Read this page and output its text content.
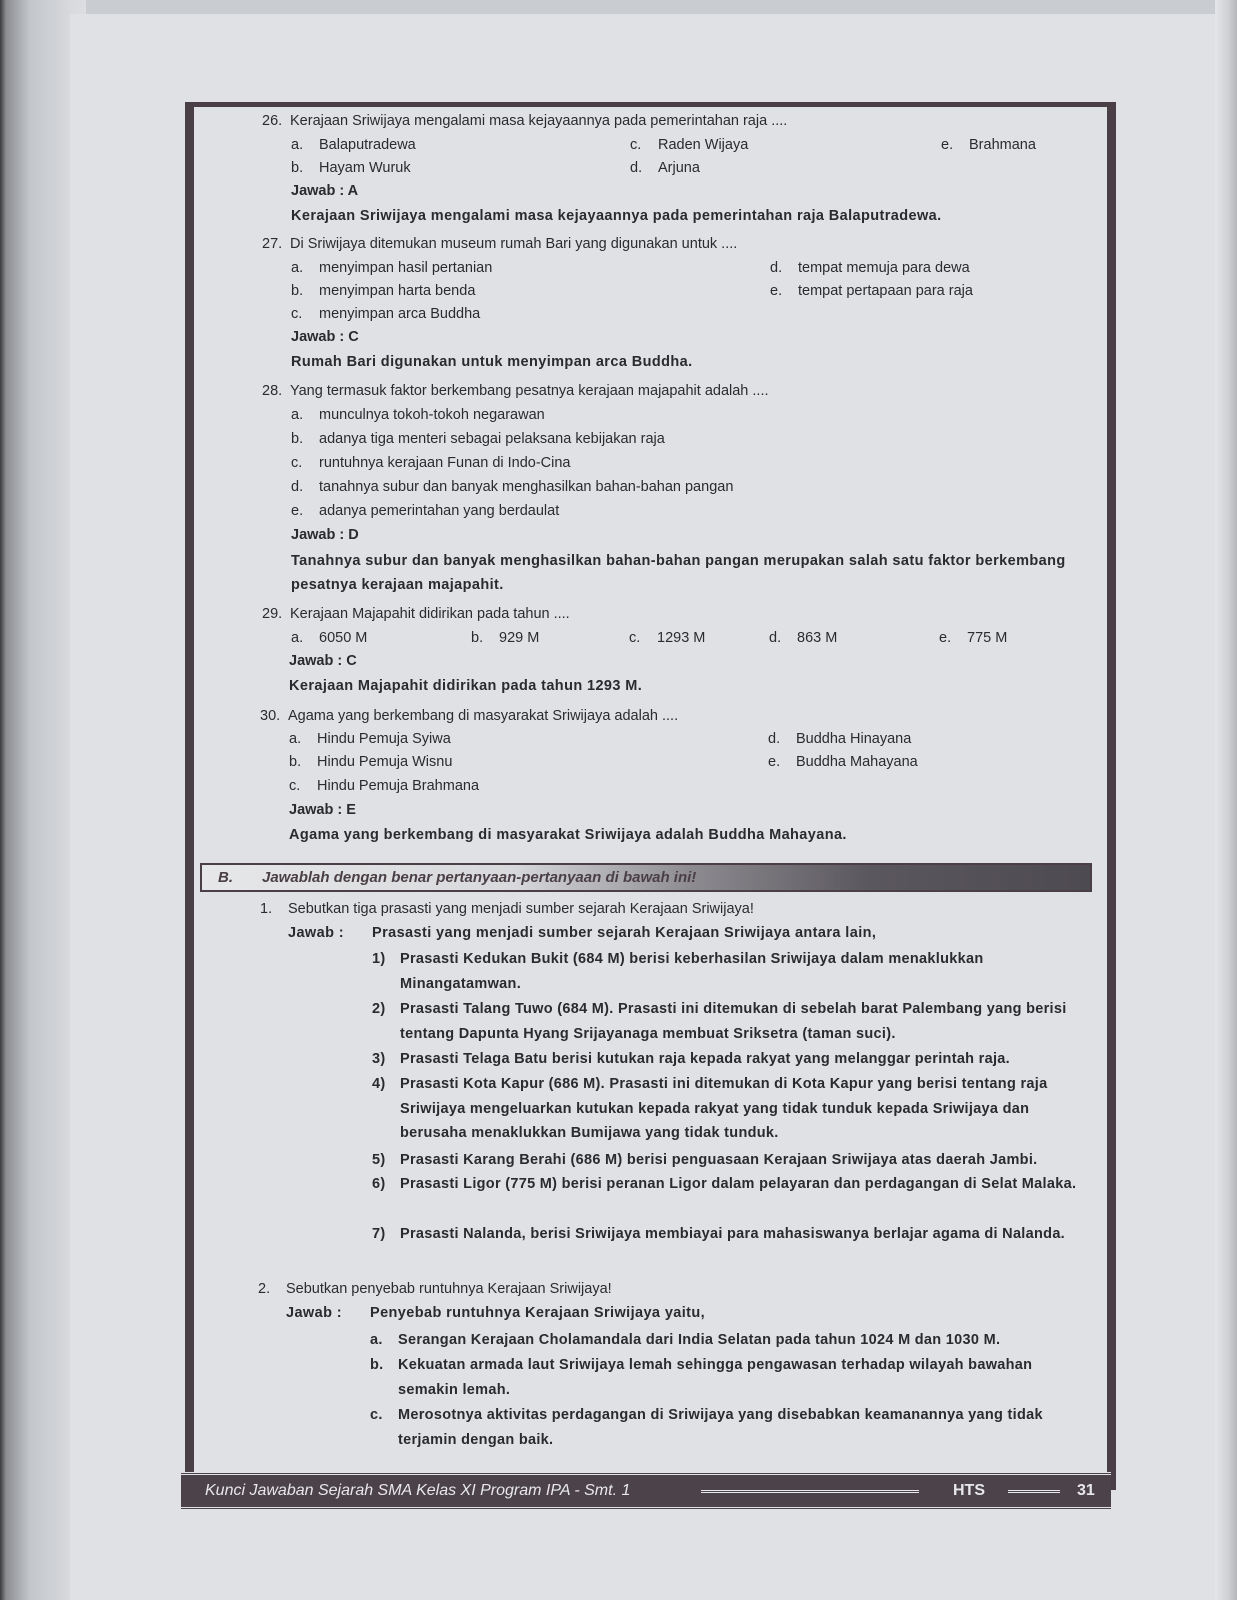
26. Kerajaan Sriwijaya mengalami masa kejayaannya pada pemerintahan raja ....
a. Balaputradewa	c. Raden Wijaya	e. Brahmana
b. Hayam Wuruk	d. Arjuna
Jawab : A
Kerajaan Sriwijaya mengalami masa kejayaannya pada pemerintahan raja Balaputradewa.
27. Di Sriwijaya ditemukan museum rumah Bari yang digunakan untuk ....
a. menyimpan hasil pertanian	d. tempat memuja para dewa
b. menyimpan harta benda	e. tempat pertapaan para raja
c. menyimpan arca Buddha
Jawab : C
Rumah Bari digunakan untuk menyimpan arca Buddha.
28. Yang termasuk faktor berkembang pesatnya kerajaan majapahit adalah ....
a. munculnya tokoh-tokoh negarawan
b. adanya tiga menteri sebagai pelaksana kebijakan raja
c. runtuhnya kerajaan Funan di Indo-Cina
d. tanahnya subur dan banyak menghasilkan bahan-bahan pangan
e. adanya pemerintahan yang berdaulat
Jawab : D
Tanahnya subur dan banyak menghasilkan bahan-bahan pangan merupakan salah satu faktor berkembang pesatnya kerajaan majapahit.
29. Kerajaan Majapahit didirikan pada tahun ....
a. 6050 M	b. 929 M	c. 1293 M	d. 863 M	e. 775 M
Jawab : C
Kerajaan Majapahit didirikan pada tahun 1293 M.
30. Agama yang berkembang di masyarakat Sriwijaya adalah ....
a. Hindu Pemuja Syiwa	d. Buddha Hinayana
b. Hindu Pemuja Wisnu	e. Buddha Mahayana
c. Hindu Pemuja Brahmana
Jawab : E
Agama yang berkembang di masyarakat Sriwijaya adalah Buddha Mahayana.
B. Jawablah dengan benar pertanyaan-pertanyaan di bawah ini!
1. Sebutkan tiga prasasti yang menjadi sumber sejarah Kerajaan Sriwijaya!
Jawab : Prasasti yang menjadi sumber sejarah Kerajaan Sriwijaya antara lain,
1) Prasasti Kedukan Bukit (684 M) berisi keberhasilan Sriwijaya dalam menaklukkan Minangatamwan.
2) Prasasti Talang Tuwo (684 M). Prasasti ini ditemukan di sebelah barat Palembang yang berisi tentang Dapunta Hyang Srijayanaga membuat Sriksetra (taman suci).
3) Prasasti Telaga Batu berisi kutukan raja kepada rakyat yang melanggar perintah raja.
4) Prasasti Kota Kapur (686 M). Prasasti ini ditemukan di Kota Kapur yang berisi tentang raja Sriwijaya mengeluarkan kutukan kepada rakyat yang tidak tunduk kepada Sriwijaya dan berusaha menaklukkan Bumijawa yang tidak tunduk.
5) Prasasti Karang Berahi (686 M) berisi penguasaan Kerajaan Sriwijaya atas daerah Jambi.
6) Prasasti Ligor (775 M) berisi peranan Ligor dalam pelayaran dan perdagangan di Selat Malaka.
7) Prasasti Nalanda, berisi Sriwijaya membiayai para mahasiswanya berlajar agama di Nalanda.
2. Sebutkan penyebab runtuhnya Kerajaan Sriwijaya!
Jawab : Penyebab runtuhnya Kerajaan Sriwijaya yaitu,
a. Serangan Kerajaan Cholamandala dari India Selatan pada tahun 1024 M dan 1030 M.
b. Kekuatan armada laut Sriwijaya lemah sehingga pengawasan terhadap wilayah bawahan semakin lemah.
c. Merosotnya aktivitas perdagangan di Sriwijaya yang disebabkan keamanannya yang tidak terjamin dengan baik.
Kunci Jawaban Sejarah SMA Kelas XI Program IPA - Smt. 1	HTS	31
